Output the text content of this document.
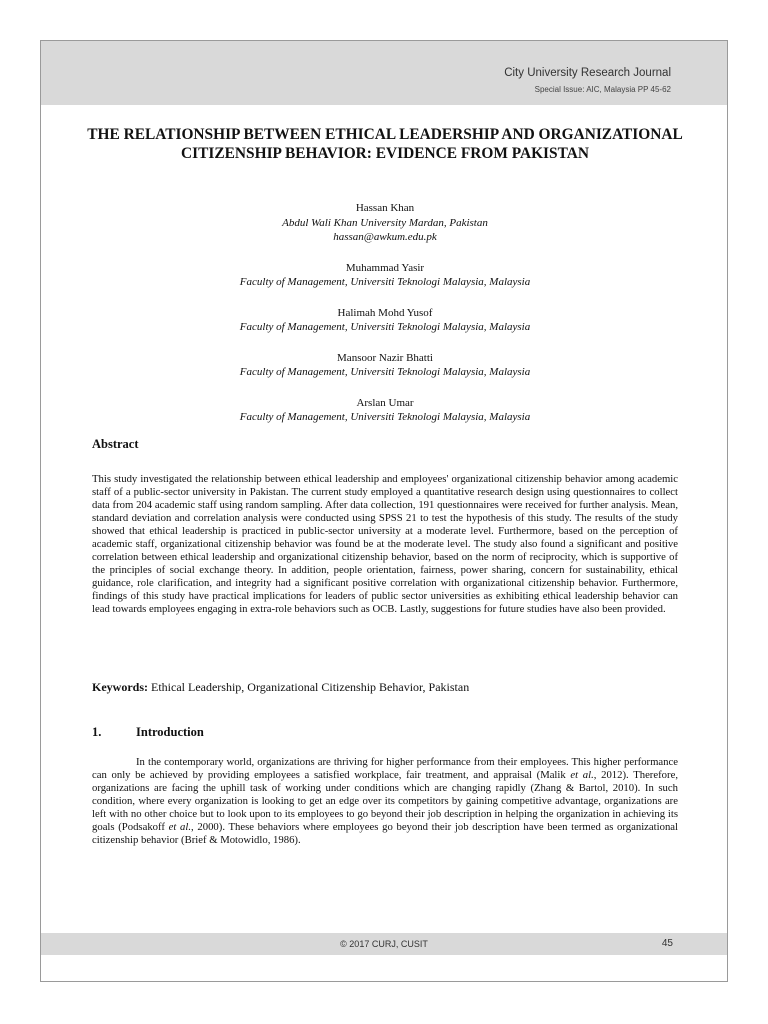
City University Research Journal
Special Issue: AIC, Malaysia PP 45-62
THE RELATIONSHIP BETWEEN ETHICAL LEADERSHIP AND ORGANIZATIONAL CITIZENSHIP BEHAVIOR: EVIDENCE FROM PAKISTAN
Hassan Khan
Abdul Wali Khan University Mardan, Pakistan
hassan@awkum.edu.pk
Muhammad Yasir
Faculty of Management, Universiti Teknologi Malaysia, Malaysia
Halimah Mohd Yusof
Faculty of Management, Universiti Teknologi Malaysia, Malaysia
Mansoor Nazir Bhatti
Faculty of Management, Universiti Teknologi Malaysia, Malaysia
Arslan Umar
Faculty of Management, Universiti Teknologi Malaysia, Malaysia
Abstract

This study investigated the relationship between ethical leadership and employees' organizational citizenship behavior among academic staff of a public-sector university in Pakistan. The current study employed a quantitative research design using questionnaires to collect data from 204 academic staff using random sampling. After data collection, 191 questionnaires were received for further analysis. Mean, standard deviation and correlation analysis were conducted using SPSS 21 to test the hypothesis of this study. The results of the study showed that ethical leadership is practiced in public-sector university at a moderate level. Furthermore, based on the perception of academic staff, organizational citizenship behavior was found be at the moderate level. The study also found a significant and positive correlation between ethical leadership and organizational citizenship behavior, based on the norm of reciprocity, which is supportive of the principles of social exchange theory. In addition, people orientation, fairness, power sharing, concern for sustainability, ethical guidance, role clarification, and integrity had a significant positive correlation with organizational citizenship behavior. Furthermore, findings of this study have practical implications for leaders of public sector universities as exhibiting ethical leadership behavior can lead towards employees engaging in extra-role behaviors such as OCB. Lastly, suggestions for future studies have also been provided.

Keywords: Ethical Leadership, Organizational Citizenship Behavior, Pakistan

1.	Introduction

In the contemporary world, organizations are thriving for higher performance from their employees. This higher performance can only be achieved by providing employees a satisfied workplace, fair treatment, and appraisal (Malik et al., 2012). Therefore, organizations are facing the uphill task of working under conditions which are changing rapidly (Zhang & Bartol, 2010). In such condition, where every organization is looking to get an edge over its competitors by gaining competitive advantage, organizations are left with no other choice but to look upon to its employees to go beyond their job description in helping the organization in achieving its goals (Podsakoff et al., 2000). These behaviors where employees go beyond their job description have been termed as organizational citizenship behavior (Brief & Motowidlo, 1986).

© 2017 CURJ, CUSIT	45
